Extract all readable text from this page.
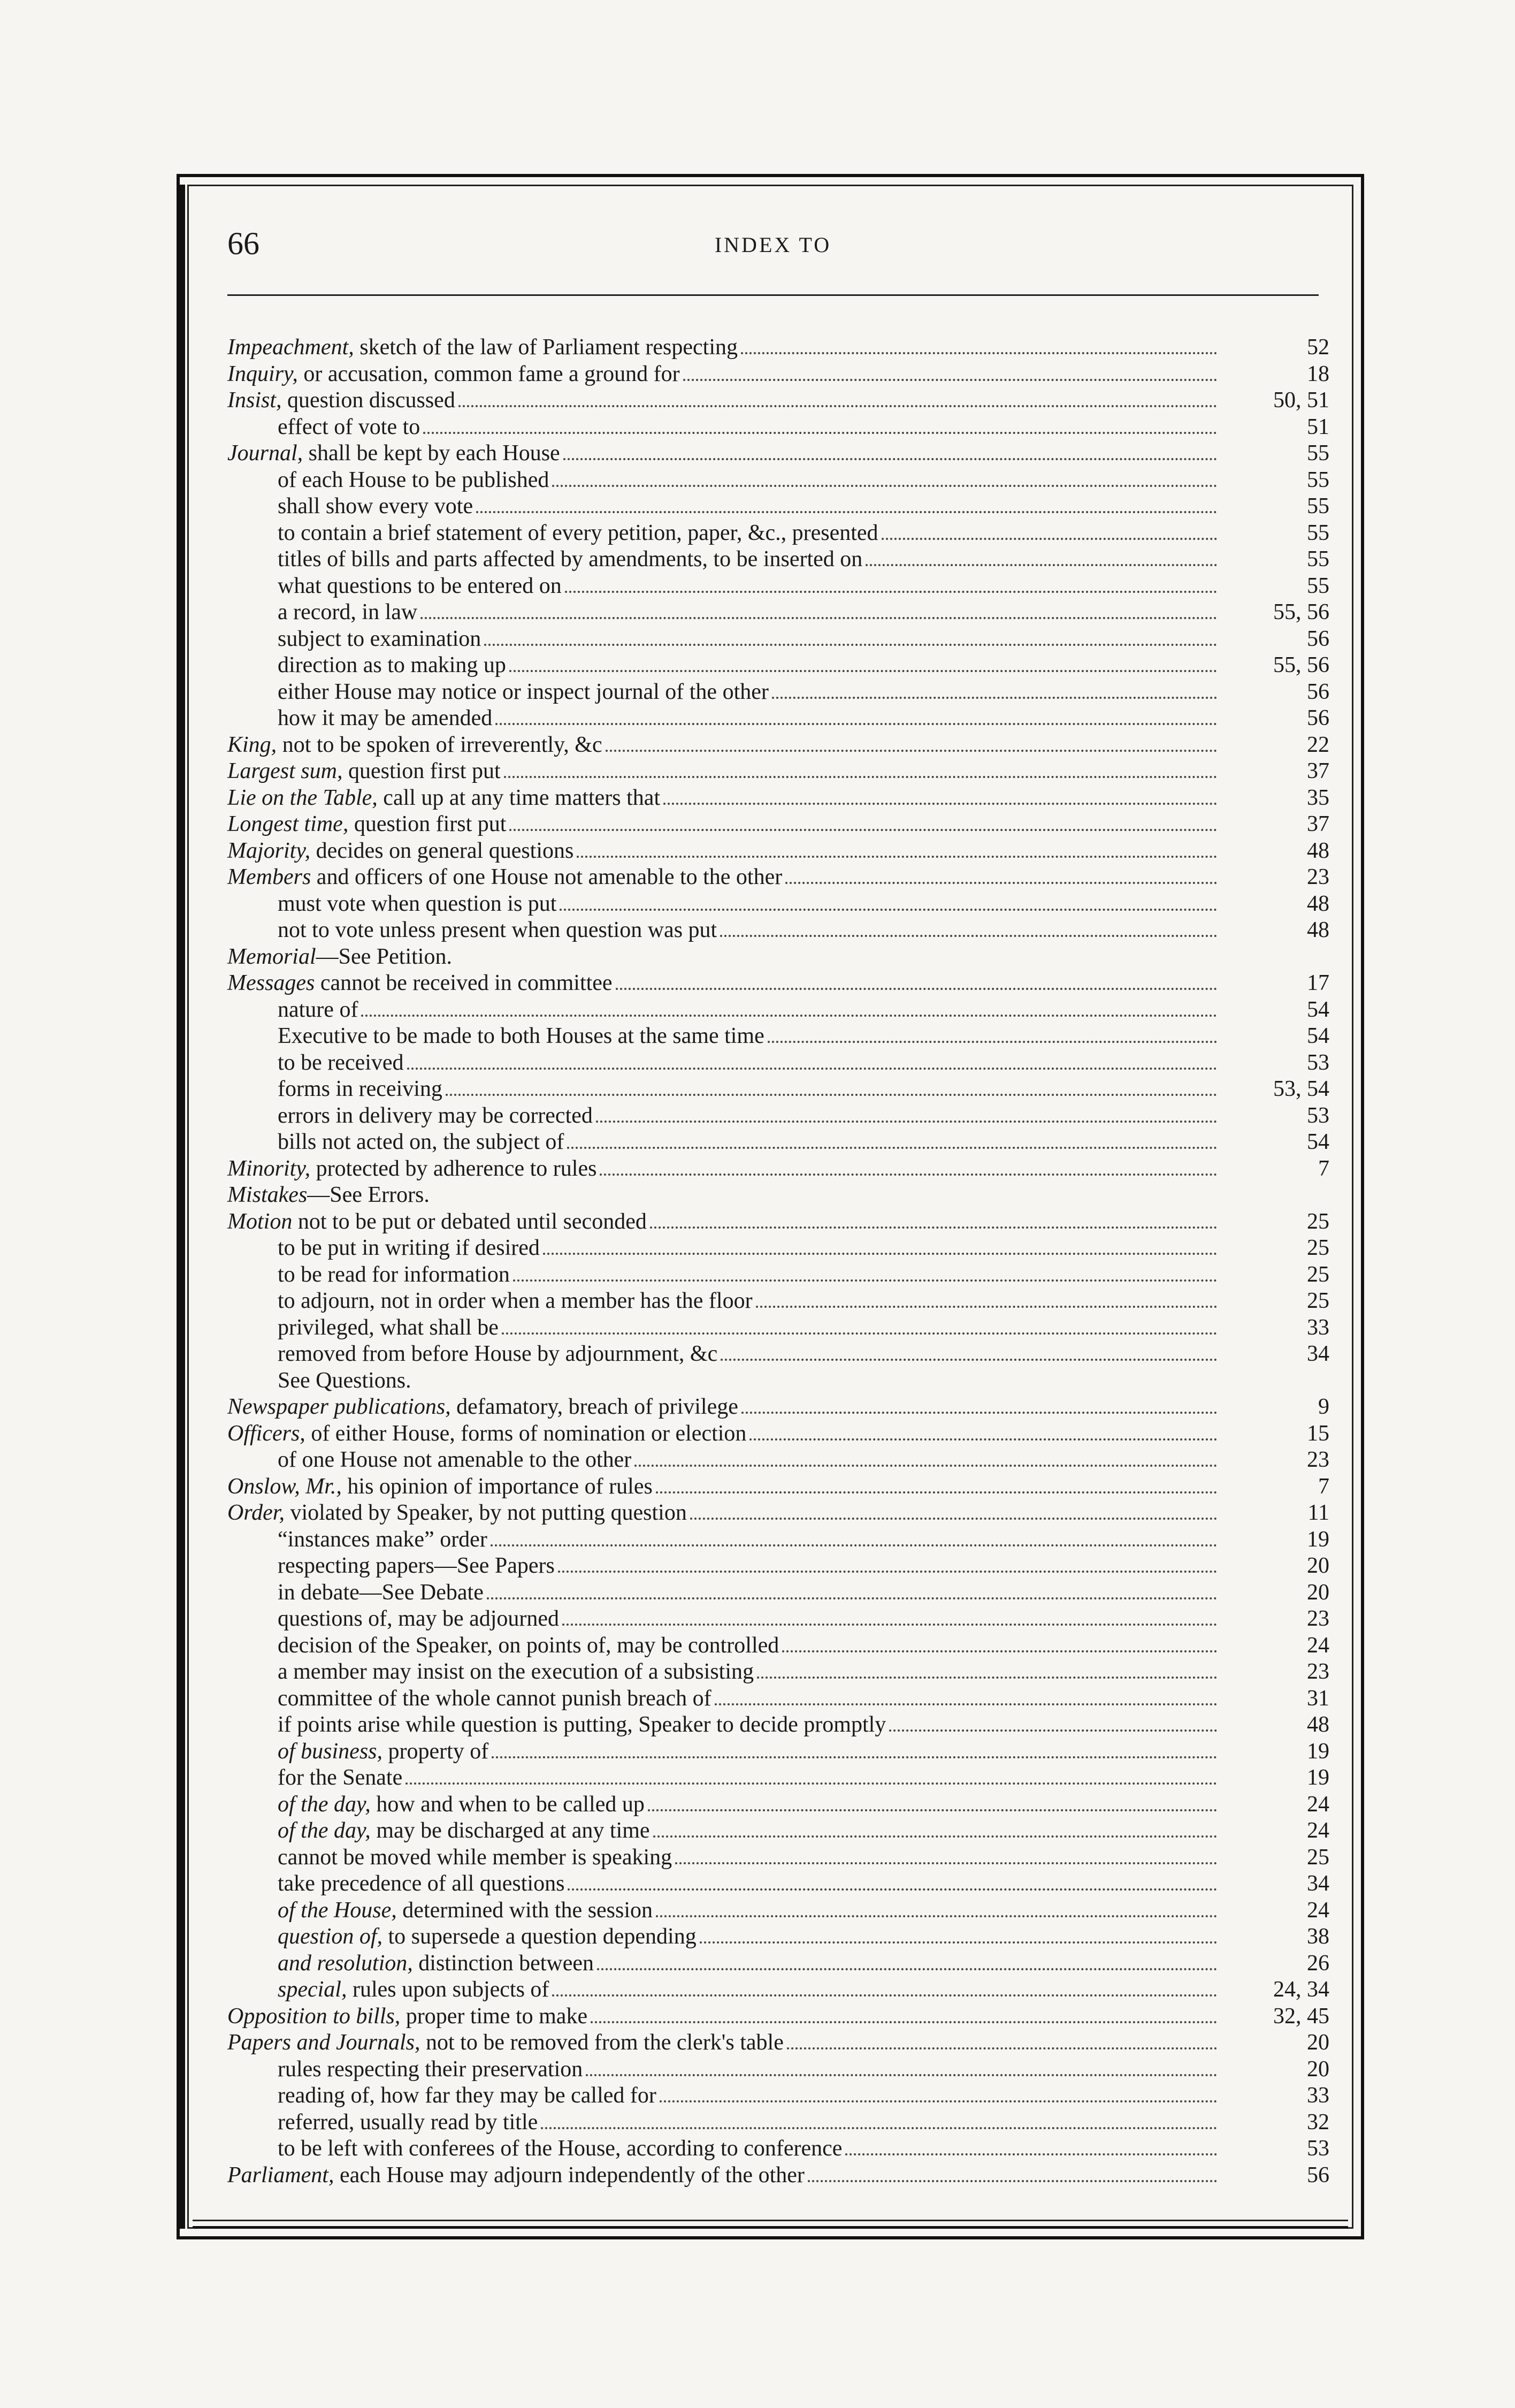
66	INDEX TO
Impeachment, sketch of the law of Parliament respecting	52
Inquiry, or accusation, common fame a ground for	18
Insist, question discussed	50, 51
effect of vote to	51
Journal, shall be kept by each House	55
of each House to be published	55
shall show every vote	55
to contain a brief statement of every petition, paper, &c., presented	55
titles of bills and parts affected by amendments, to be inserted on	55
what questions to be entered on	55
a record, in law	55, 56
subject to examination	56
direction as to making up	55, 56
either House may notice or inspect journal of the other	56
how it may be amended	56
King, not to be spoken of irreverently, &c	22
Largest sum, question first put	37
Lie on the Table, call up at any time matters that	35
Longest time, question first put	37
Majority, decides on general questions	48
Members and officers of one House not amenable to the other	23
must vote when question is put	48
not to vote unless present when question was put	48
Memorial—See Petition.
Messages cannot be received in committee	17
nature of	54
Executive to be made to both Houses at the same time	54
to be received	53
forms in receiving	53, 54
errors in delivery may be corrected	53
bills not acted on, the subject of	54
Minority, protected by adherence to rules	7
Mistakes—See Errors.
Motion not to be put or debated until seconded	25
to be put in writing if desired	25
to be read for information	25
to adjourn, not in order when a member has the floor	25
privileged, what shall be	33
removed from before House by adjournment, &c	34
See Questions.
Newspaper publications, defamatory, breach of privilege	9
Officers, of either House, forms of nomination or election	15
of one House not amenable to the other	23
Onslow, Mr., his opinion of importance of rules	7
Order, violated by Speaker, by not putting question	11
“instances make” order	19
respecting papers—See Papers	20
in debate—See Debate	20
questions of, may be adjourned	23
decision of the Speaker, on points of, may be controlled	24
a member may insist on the execution of a subsisting	23
committee of the whole cannot punish breach of	31
if points arise while question is putting, Speaker to decide promptly	48
of business, property of	19
for the Senate	19
of the day, how and when to be called up	24
of the day, may be discharged at any time	24
cannot be moved while member is speaking	25
take precedence of all questions	34
of the House, determined with the session	24
question of, to supersede a question depending	38
and resolution, distinction between	26
special, rules upon subjects of	24, 34
Opposition to bills, proper time to make	32, 45
Papers and Journals, not to be removed from the clerk's table	20
rules respecting their preservation	20
reading of, how far they may be called for	33
referred, usually read by title	32
to be left with conferees of the House, according to conference	53
Parliament, each House may adjourn independently of the other	56
